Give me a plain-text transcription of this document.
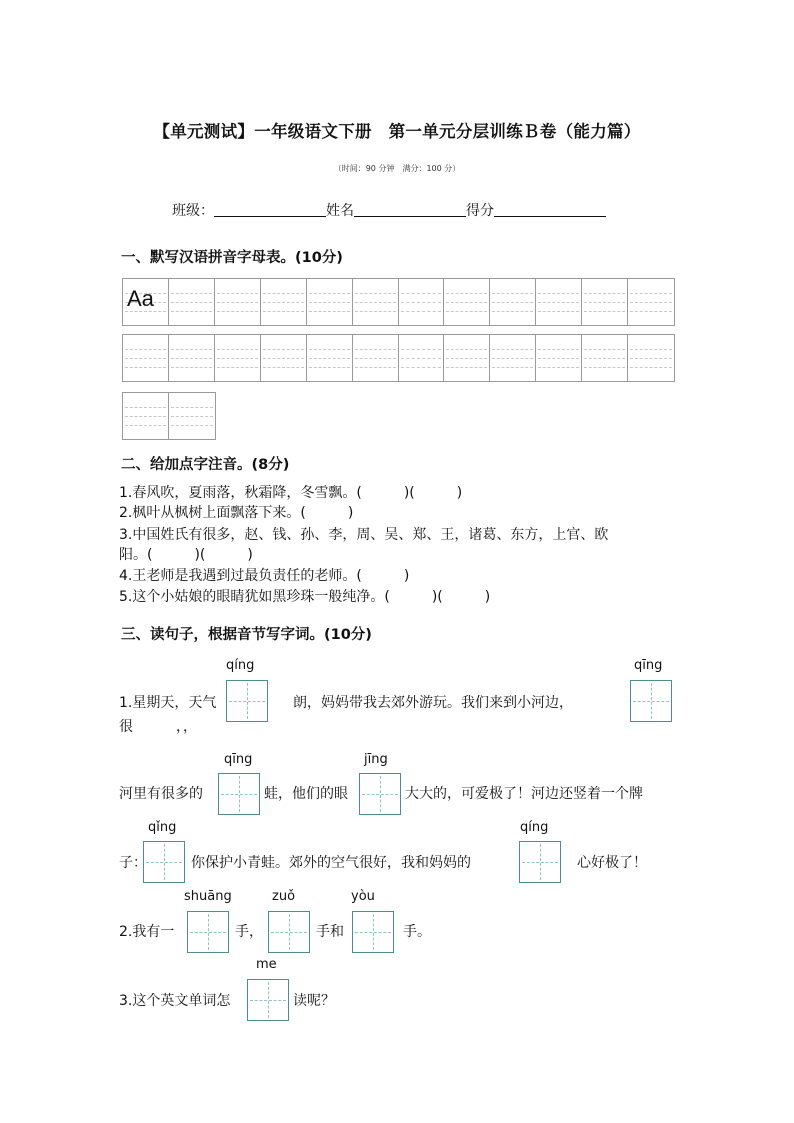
【单元测试】一年级语文下册　第一单元分层训练Ｂ卷（能力篇）
（时间：90 分钟　满分：100 分）
班级：	姓名	得分
一、默写汉语拼音字母表。(10分)
Aa
二、给加点字注音。(8分)
1.春风吹，夏雨落，秋霜降，冬雪飘。(　　　)(　　　)
2.枫叶从枫树上面飘落下来。(　　　)
3.中国姓氏有很多，赵、钱、孙、李，周、吴、郑、王，诸葛、东方，上官、欧
阳。(　　　)(　　　)
4.王老师是我遇到过最负责任的老师。(　　　)
5.这个小姑娘的眼睛犹如黑珍珠一般纯净。(　　　)(　　　)
三、读句子，根据音节写字词。(10分)
qíng	qīng
1.星期天，天气	朗，妈妈带我去郊外游玩。我们来到小河边，
很	，，
qīng	jīng
河里有很多的	蛙，他们的眼	大大的，可爱极了！河边还竖着一个牌
qǐng	qíng
子：	你保护小青蛙。郊外的空气很好，我和妈妈的	心好极了！
shuāng	zuǒ	yòu
2.我有一	手，	手和	手。
me
3.这个英文单词怎	读呢？
